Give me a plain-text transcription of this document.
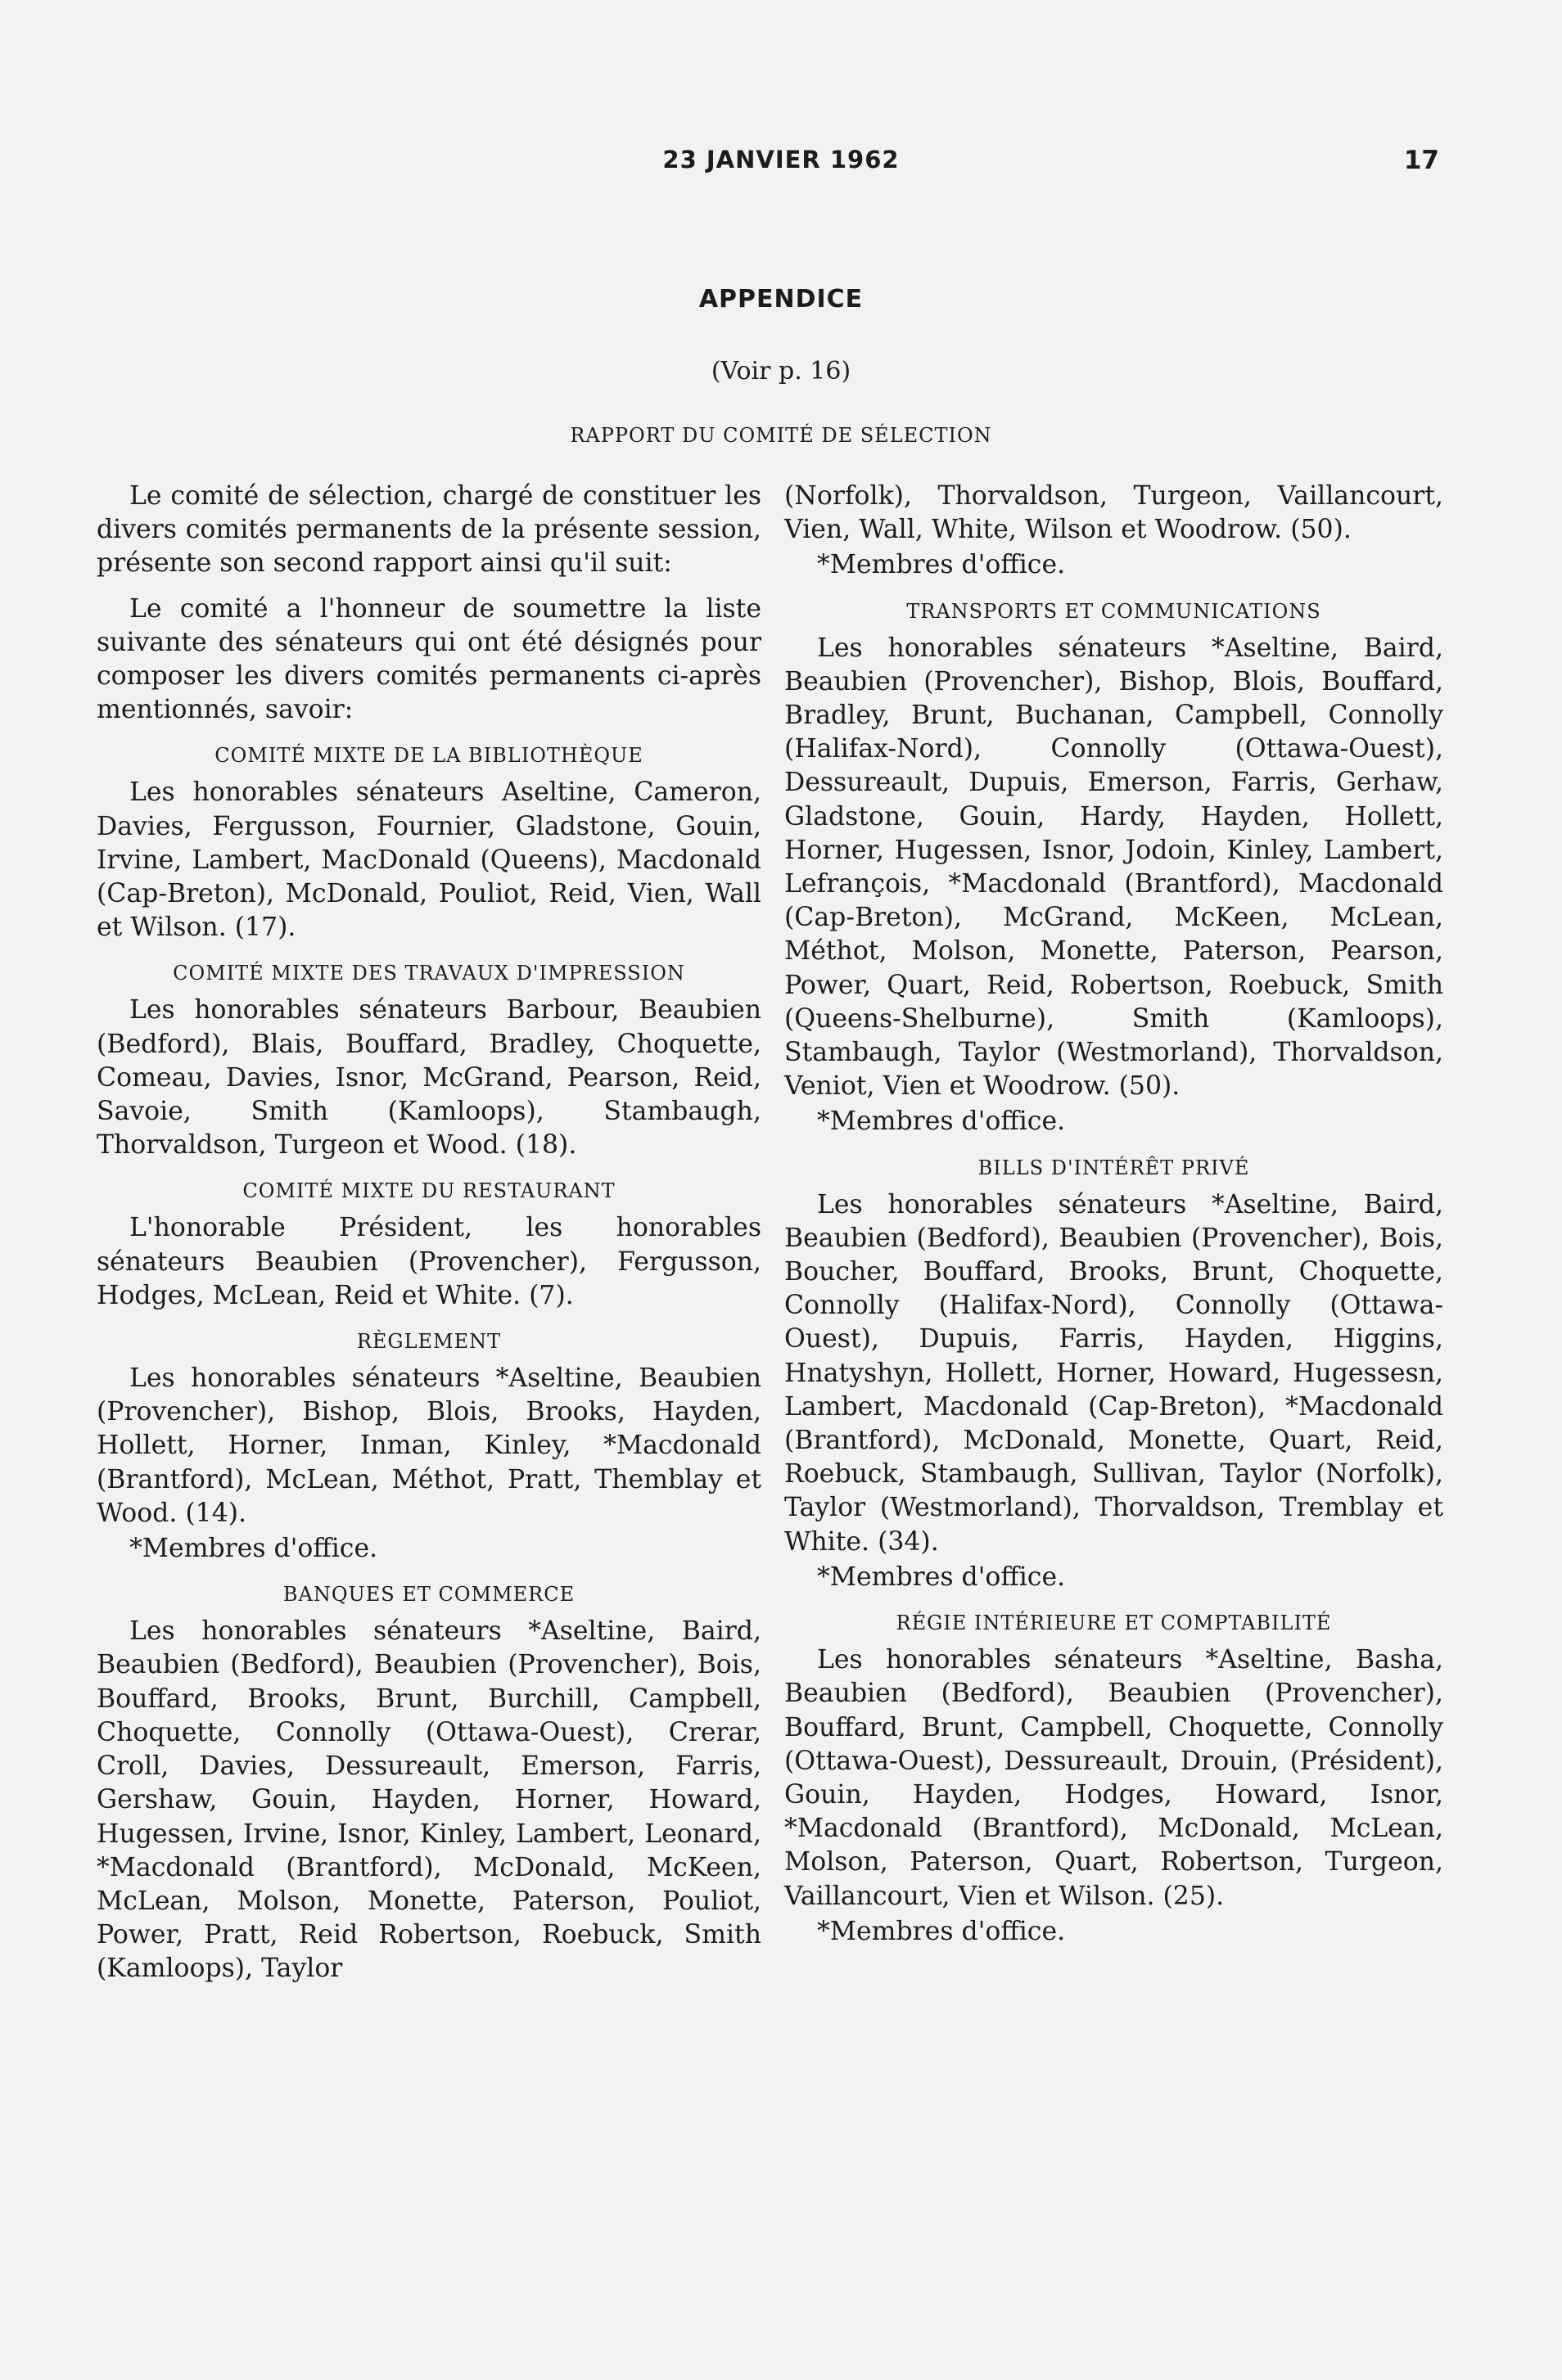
23 JANVIER 1962	17
APPENDICE
(Voir p. 16)
RAPPORT DU COMITÉ DE SÉLECTION

Le comité de sélection, chargé de constituer les divers comités permanents de la présente session, présente son second rapport ainsi qu'il suit:

Le comité a l'honneur de soumettre la liste suivante des sénateurs qui ont été désignés pour composer les divers comités permanents ci-après mentionnés, savoir:

COMITÉ MIXTE DE LA BIBLIOTHÈQUE

Les honorables sénateurs Aseltine, Cameron, Davies, Fergusson, Fournier, Gladstone, Gouin, Irvine, Lambert, MacDonald (Queens), Macdonald (Cap-Breton), McDonald, Pouliot, Reid, Vien, Wall et Wilson. (17).

COMITÉ MIXTE DES TRAVAUX D'IMPRESSION

Les honorables sénateurs Barbour, Beaubien (Bedford), Blais, Bouffard, Bradley, Choquette, Comeau, Davies, Isnor, McGrand, Pearson, Reid, Savoie, Smith (Kamloops), Stambaugh, Thorvaldson, Turgeon et Wood. (18).

COMITÉ MIXTE DU RESTAURANT

L'honorable Président, les honorables sénateurs Beaubien (Provencher), Fergusson, Hodges, McLean, Reid et White. (7).

RÈGLEMENT

Les honorables sénateurs *Aseltine, Beaubien (Provencher), Bishop, Blois, Brooks, Hayden, Hollett, Horner, Inman, Kinley, *Macdonald (Brantford), McLean, Méthot, Pratt, Themblay et Wood. (14).

*Membres d'office.

BANQUES ET COMMERCE

Les honorables sénateurs *Aseltine, Baird, Beaubien (Bedford), Beaubien (Provencher), Bois, Bouffard, Brooks, Brunt, Burchill, Campbell, Choquette, Connolly (Ottawa-Ouest), Crerar, Croll, Davies, Dessureault, Emerson, Farris, Gershaw, Gouin, Hayden, Horner, Howard, Hugessen, Irvine, Isnor, Kinley, Lambert, Leonard, *Macdonald (Brantford), McDonald, McKeen, McLean, Molson, Monette, Paterson, Pouliot, Power, Pratt, Reid Robertson, Roebuck, Smith (Kamloops), Taylor

(Norfolk), Thorvaldson, Turgeon, Vaillancourt, Vien, Wall, White, Wilson et Woodrow. (50).

*Membres d'office.

TRANSPORTS ET COMMUNICATIONS

Les honorables sénateurs *Aseltine, Baird, Beaubien (Provencher), Bishop, Blois, Bouffard, Bradley, Brunt, Buchanan, Campbell, Connolly (Halifax-Nord), Connolly (Ottawa-Ouest), Dessureault, Dupuis, Emerson, Farris, Gerhaw, Gladstone, Gouin, Hardy, Hayden, Hollett, Horner, Hugessen, Isnor, Jodoin, Kinley, Lambert, Lefrançois, *Macdonald (Brantford), Macdonald (Cap-Breton), McGrand, McKeen, McLean, Méthot, Molson, Monette, Paterson, Pearson, Power, Quart, Reid, Robertson, Roebuck, Smith (Queens-Shelburne), Smith (Kamloops), Stambaugh, Taylor (Westmorland), Thorvaldson, Veniot, Vien et Woodrow. (50).

*Membres d'office.

BILLS D'INTÉRÊT PRIVÉ

Les honorables sénateurs *Aseltine, Baird, Beaubien (Bedford), Beaubien (Provencher), Bois, Boucher, Bouffard, Brooks, Brunt, Choquette, Connolly (Halifax-Nord), Connolly (Ottawa-Ouest), Dupuis, Farris, Hayden, Higgins, Hnatyshyn, Hollett, Horner, Howard, Hugessesn, Lambert, Macdonald (Cap-Breton), *Macdonald (Brantford), McDonald, Monette, Quart, Reid, Roebuck, Stambaugh, Sullivan, Taylor (Norfolk), Taylor (Westmorland), Thorvaldson, Tremblay et White. (34).

*Membres d'office.

RÉGIE INTÉRIEURE ET COMPTABILITÉ

Les honorables sénateurs *Aseltine, Basha, Beaubien (Bedford), Beaubien (Provencher), Bouffard, Brunt, Campbell, Choquette, Connolly (Ottawa-Ouest), Dessureault, Drouin, (Président), Gouin, Hayden, Hodges, Howard, Isnor, *Macdonald (Brantford), McDonald, McLean, Molson, Paterson, Quart, Robertson, Turgeon, Vaillancourt, Vien et Wilson. (25).

*Membres d'office.
